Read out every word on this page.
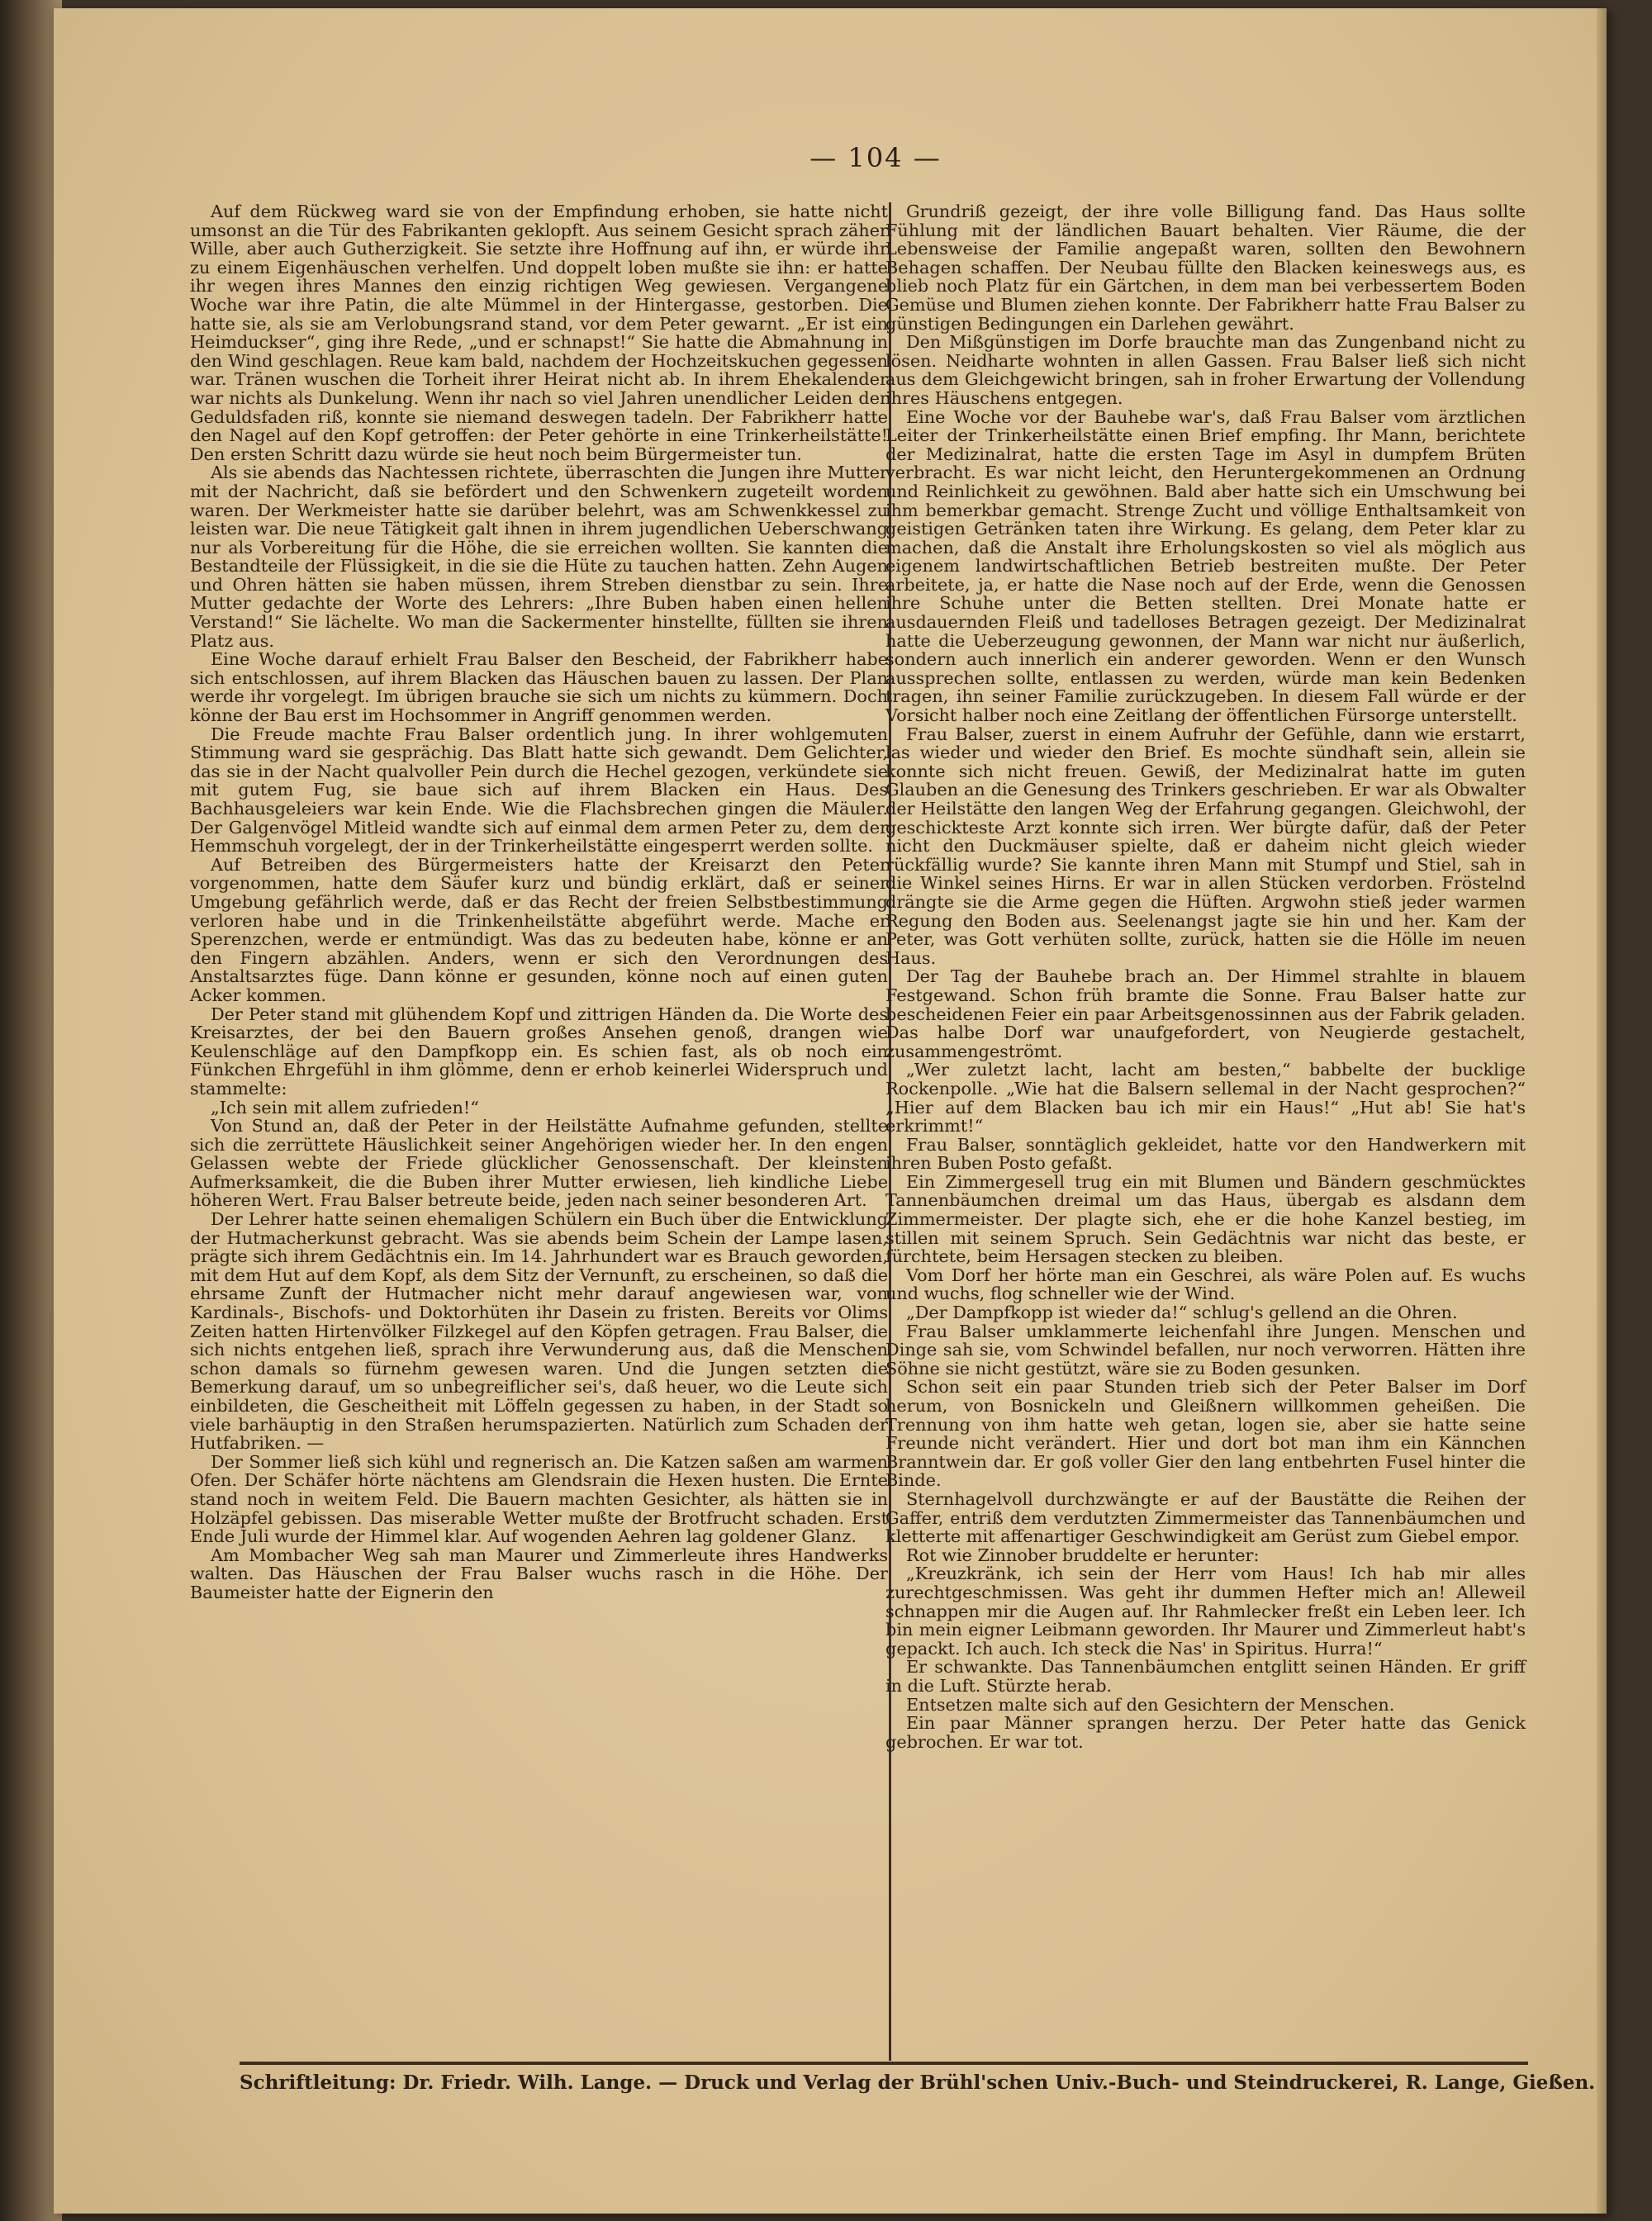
— 104 —

Auf dem Rückweg ward sie von der Empfindung erhoben, sie hatte nicht umsonst an die Tür des Fabrikanten geklopft. Aus seinem Gesicht sprach zäher Wille, aber auch Gutherzigkeit. Sie setzte ihre Hoffnung auf ihn, er würde ihr zu einem Eigenhäuschen verhelfen. Und doppelt loben mußte sie ihn: er hatte ihr wegen ihres Mannes den einzig richtigen Weg gewiesen. Vergangene Woche war ihre Patin, die alte Mümmel in der Hintergasse, gestorben. Die hatte sie, als sie am Verlobungsrand stand, vor dem Peter gewarnt. „Er ist ein Heimduckser“, ging ihre Rede, „und er schnapst!“ Sie hatte die Abmahnung in den Wind geschlagen. Reue kam bald, nachdem der Hochzeitskuchen gegessen war. Tränen wuschen die Torheit ihrer Heirat nicht ab. In ihrem Ehekalender war nichts als Dunkelung. Wenn ihr nach so viel Jahren unendlicher Leiden der Geduldsfaden riß, konnte sie niemand deswegen tadeln. Der Fabrikherr hatte den Nagel auf den Kopf getroffen: der Peter gehörte in eine Trinkerheilstätte! Den ersten Schritt dazu würde sie heut noch beim Bürgermeister tun.

Als sie abends das Nachtessen richtete, überraschten die Jungen ihre Mutter mit der Nachricht, daß sie befördert und den Schwenkern zugeteilt worden waren. Der Werkmeister hatte sie darüber belehrt, was am Schwenkkessel zu leisten war. Die neue Tätigkeit galt ihnen in ihrem jugendlichen Ueberschwang nur als Vorbereitung für die Höhe, die sie erreichen wollten. Sie kannten die Bestandteile der Flüssigkeit, in die sie die Hüte zu tauchen hatten. Zehn Augen und Ohren hätten sie haben müssen, ihrem Streben dienstbar zu sein. Ihre Mutter gedachte der Worte des Lehrers: „Ihre Buben haben einen hellen Verstand!“ Sie lächelte. Wo man die Sackermenter hinstellte, füllten sie ihren Platz aus.

Eine Woche darauf erhielt Frau Balser den Bescheid, der Fabrikherr habe sich entschlossen, auf ihrem Blacken das Häuschen bauen zu lassen. Der Plan werde ihr vorgelegt. Im übrigen brauche sie sich um nichts zu kümmern. Doch könne der Bau erst im Hochsommer in Angriff genommen werden.

Die Freude machte Frau Balser ordentlich jung. In ihrer wohlgemuten Stimmung ward sie gesprächig. Das Blatt hatte sich gewandt. Dem Gelichter, das sie in der Nacht qualvoller Pein durch die Hechel gezogen, verkündete sie mit gutem Fug, sie baue sich auf ihrem Blacken ein Haus. Des Bachhausgeleiers war kein Ende. Wie die Flachsbrechen gingen die Mäuler. Der Galgenvögel Mitleid wandte sich auf einmal dem armen Peter zu, dem der Hemmschuh vorgelegt, der in der Trinkerheilstätte eingesperrt werden sollte.

Auf Betreiben des Bürgermeisters hatte der Kreisarzt den Peter vorgenommen, hatte dem Säufer kurz und bündig erklärt, daß er seiner Umgebung gefährlich werde, daß er das Recht der freien Selbstbestimmung verloren habe und in die Trinkenheilstätte abgeführt werde. Mache er Sperenzchen, werde er entmündigt. Was das zu bedeuten habe, könne er an den Fingern abzählen. Anders, wenn er sich den Verordnungen des Anstaltsarztes füge. Dann könne er gesunden, könne noch auf einen guten Acker kommen.

Der Peter stand mit glühendem Kopf und zittrigen Händen da. Die Worte des Kreisarztes, der bei den Bauern großes Ansehen genoß, drangen wie Keulenschläge auf den Dampfkopp ein. Es schien fast, als ob noch ein Fünkchen Ehrgefühl in ihm glömme, denn er erhob keinerlei Widerspruch und stammelte:

„Ich sein mit allem zufrieden!“

Von Stund an, daß der Peter in der Heilstätte Aufnahme gefunden, stellte sich die zerrüttete Häuslichkeit seiner Angehörigen wieder her. In den engen Gelassen webte der Friede glücklicher Genossenschaft. Der kleinsten Aufmerksamkeit, die die Buben ihrer Mutter erwiesen, lieh kindliche Liebe höheren Wert. Frau Balser betreute beide, jeden nach seiner besonderen Art.

Der Lehrer hatte seinen ehemaligen Schülern ein Buch über die Entwicklung der Hutmacherkunst gebracht. Was sie abends beim Schein der Lampe lasen, prägte sich ihrem Gedächtnis ein. Im 14. Jahrhundert war es Brauch geworden, mit dem Hut auf dem Kopf, als dem Sitz der Vernunft, zu erscheinen, so daß die ehrsame Zunft der Hutmacher nicht mehr darauf angewiesen war, von Kardinals-, Bischofs- und Doktorhüten ihr Dasein zu fristen. Bereits vor Olims Zeiten hatten Hirtenvölker Filzkegel auf den Köpfen getragen. Frau Balser, die sich nichts entgehen ließ, sprach ihre Verwunderung aus, daß die Menschen schon damals so fürnehm gewesen waren. Und die Jungen setzten die Bemerkung darauf, um so unbegreiflicher sei's, daß heuer, wo die Leute sich einbildeten, die Gescheitheit mit Löffeln gegessen zu haben, in der Stadt so viele barhäuptig in den Straßen herumspazierten. Natürlich zum Schaden der Hutfabriken. —

Der Sommer ließ sich kühl und regnerisch an. Die Katzen saßen am warmen Ofen. Der Schäfer hörte nächtens am Glendsrain die Hexen husten. Die Ernte stand noch in weitem Feld. Die Bauern machten Gesichter, als hätten sie in Holzäpfel gebissen. Das miserable Wetter mußte der Brotfrucht schaden. Erst Ende Juli wurde der Himmel klar. Auf wogenden Aehren lag goldener Glanz.

Am Mombacher Weg sah man Maurer und Zimmerleute ihres Handwerks walten. Das Häuschen der Frau Balser wuchs rasch in die Höhe. Der Baumeister hatte der Eignerin den

Grundriß gezeigt, der ihre volle Billigung fand. Das Haus sollte Fühlung mit der ländlichen Bauart behalten. Vier Räume, die der Lebensweise der Familie angepaßt waren, sollten den Bewohnern Behagen schaffen. Der Neubau füllte den Blacken keineswegs aus, es blieb noch Platz für ein Gärtchen, in dem man bei verbessertem Boden Gemüse und Blumen ziehen konnte. Der Fabrikherr hatte Frau Balser zu günstigen Bedingungen ein Darlehen gewährt.

Den Mißgünstigen im Dorfe brauchte man das Zungenband nicht zu lösen. Neidharte wohnten in allen Gassen. Frau Balser ließ sich nicht aus dem Gleichgewicht bringen, sah in froher Erwartung der Vollendung ihres Häuschens entgegen.

Eine Woche vor der Bauhebe war's, daß Frau Balser vom ärztlichen Leiter der Trinkerheilstätte einen Brief empfing. Ihr Mann, berichtete der Medizinalrat, hatte die ersten Tage im Asyl in dumpfem Brüten verbracht. Es war nicht leicht, den Heruntergekommenen an Ordnung und Reinlichkeit zu gewöhnen. Bald aber hatte sich ein Umschwung bei ihm bemerkbar gemacht. Strenge Zucht und völlige Enthaltsamkeit von geistigen Getränken taten ihre Wirkung. Es gelang, dem Peter klar zu machen, daß die Anstalt ihre Erholungskosten so viel als möglich aus eigenem landwirtschaftlichen Betrieb bestreiten mußte. Der Peter arbeitete, ja, er hatte die Nase noch auf der Erde, wenn die Genossen ihre Schuhe unter die Betten stellten. Drei Monate hatte er ausdauernden Fleiß und tadelloses Betragen gezeigt. Der Medizinalrat hatte die Ueberzeugung gewonnen, der Mann war nicht nur äußerlich, sondern auch innerlich ein anderer geworden. Wenn er den Wunsch aussprechen sollte, entlassen zu werden, würde man kein Bedenken tragen, ihn seiner Familie zurückzugeben. In diesem Fall würde er der Vorsicht halber noch eine Zeitlang der öffentlichen Fürsorge unterstellt.

Frau Balser, zuerst in einem Aufruhr der Gefühle, dann wie erstarrt, las wieder und wieder den Brief. Es mochte sündhaft sein, allein sie konnte sich nicht freuen. Gewiß, der Medizinalrat hatte im guten Glauben an die Genesung des Trinkers geschrieben. Er war als Obwalter der Heilstätte den langen Weg der Erfahrung gegangen. Gleichwohl, der geschickteste Arzt konnte sich irren. Wer bürgte dafür, daß der Peter nicht den Duckmäuser spielte, daß er daheim nicht gleich wieder rückfällig wurde? Sie kannte ihren Mann mit Stumpf und Stiel, sah in die Winkel seines Hirns. Er war in allen Stücken verdorben. Fröstelnd drängte sie die Arme gegen die Hüften. Argwohn stieß jeder warmen Regung den Boden aus. Seelenangst jagte sie hin und her. Kam der Peter, was Gott verhüten sollte, zurück, hatten sie die Hölle im neuen Haus.

Der Tag der Bauhebe brach an. Der Himmel strahlte in blauem Festgewand. Schon früh bramte die Sonne. Frau Balser hatte zur bescheidenen Feier ein paar Arbeitsgenossinnen aus der Fabrik geladen. Das halbe Dorf war unaufgefordert, von Neugierde gestachelt, zusammengeströmt.

„Wer zuletzt lacht, lacht am besten,“ babbelte der bucklige Rockenpolle. „Wie hat die Balsern sellemal in der Nacht gesprochen?“ „Hier auf dem Blacken bau ich mir ein Haus!“ „Hut ab! Sie hat's erkrimmt!“

Frau Balser, sonntäglich gekleidet, hatte vor den Handwerkern mit ihren Buben Posto gefaßt.

Ein Zimmergesell trug ein mit Blumen und Bändern geschmücktes Tannenbäumchen dreimal um das Haus, übergab es alsdann dem Zimmermeister. Der plagte sich, ehe er die hohe Kanzel bestieg, im stillen mit seinem Spruch. Sein Gedächtnis war nicht das beste, er fürchtete, beim Hersagen stecken zu bleiben.

Vom Dorf her hörte man ein Geschrei, als wäre Polen auf. Es wuchs und wuchs, flog schneller wie der Wind.

„Der Dampfkopp ist wieder da!“ schlug's gellend an die Ohren.

Frau Balser umklammerte leichenfahl ihre Jungen. Menschen und Dinge sah sie, vom Schwindel befallen, nur noch verworren. Hätten ihre Söhne sie nicht gestützt, wäre sie zu Boden gesunken.

Schon seit ein paar Stunden trieb sich der Peter Balser im Dorf herum, von Bosnickeln und Gleißnern willkommen geheißen. Die Trennung von ihm hatte weh getan, logen sie, aber sie hatte seine Freunde nicht verändert. Hier und dort bot man ihm ein Kännchen Branntwein dar. Er goß voller Gier den lang entbehrten Fusel hinter die Binde.

Sternhagelvoll durchzwängte er auf der Baustätte die Reihen der Gaffer, entriß dem verdutzten Zimmermeister das Tannenbäumchen und kletterte mit affenartiger Geschwindigkeit am Gerüst zum Giebel empor.

Rot wie Zinnober bruddelte er herunter:

„Kreuzkränk, ich sein der Herr vom Haus! Ich hab mir alles zurechtgeschmissen. Was geht ihr dummen Hefter mich an! Alleweil schnappen mir die Augen auf. Ihr Rahmlecker freßt ein Leben leer. Ich bin mein eigner Leibmann geworden. Ihr Maurer und Zimmerleut habt's gepackt. Ich auch. Ich steck die Nas' in Spiritus. Hurra!“

Er schwankte. Das Tannenbäumchen entglitt seinen Händen. Er griff in die Luft. Stürzte herab.

Entsetzen malte sich auf den Gesichtern der Menschen.

Ein paar Männer sprangen herzu. Der Peter hatte das Genick gebrochen. Er war tot.

Schriftleitung: Dr. Friedr. Wilh. Lange. — Druck und Verlag der Brühl'schen Univ.-Buch- und Steindruckerei, R. Lange, Gießen.
